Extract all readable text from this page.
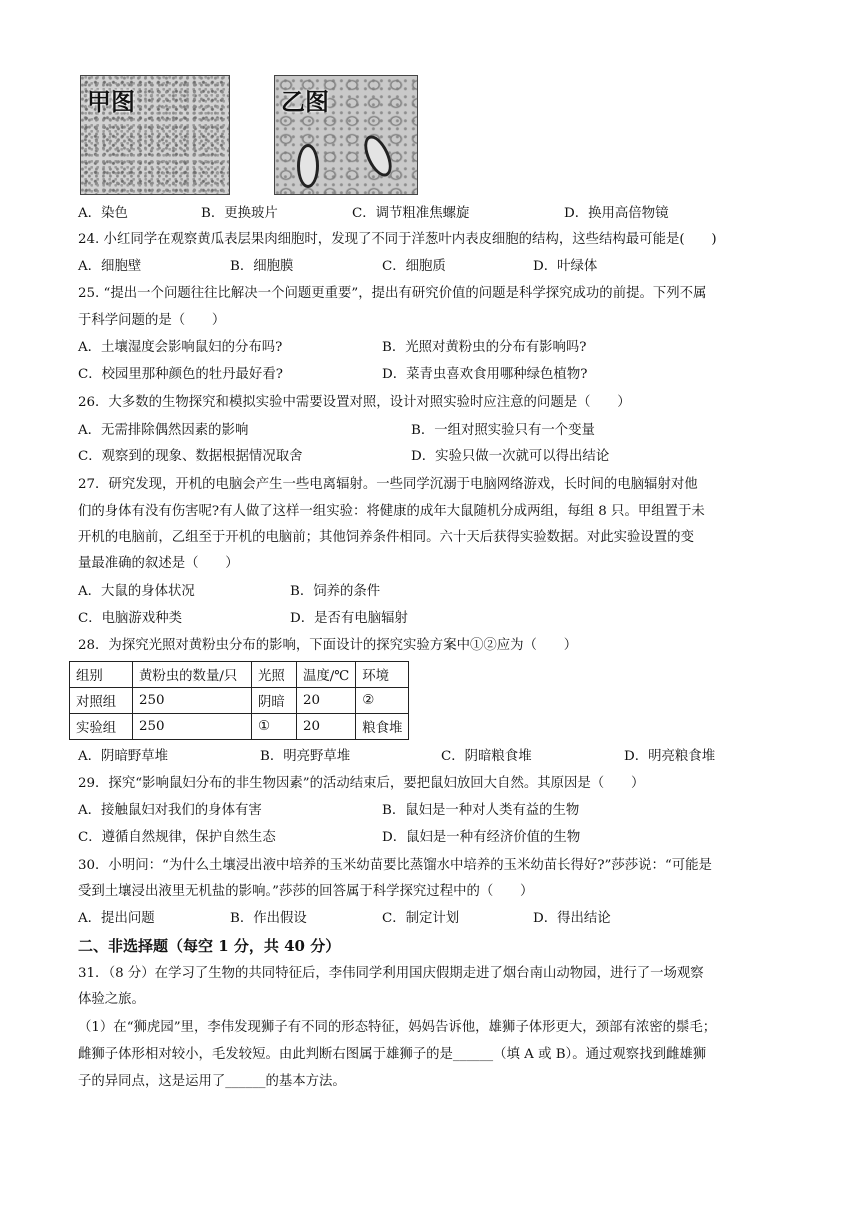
甲图	乙图
A．染色	B．更换玻片	C．调节粗准焦螺旋	D．换用高倍物镜
24. 小红同学在观察黄瓜表层果肉细胞时，发现了不同于洋葱叶内表皮细胞的结构，这些结构最可能是(　　)
A．细胞壁	B．细胞膜	C．细胞质	D．叶绿体
25. “提出一个问题往往比解决一个问题更重要”，提出有研究价值的问题是科学探究成功的前提。下列不属
于科学问题的是（　　）
A．土壤湿度会影响鼠妇的分布吗?	B．光照对黄粉虫的分布有影响吗?
C．校园里那种颜色的牡丹最好看?	D．菜青虫喜欢食用哪种绿色植物?
26．大多数的生物探究和模拟实验中需要设置对照，设计对照实验时应注意的问题是（　　）
A．无需排除偶然因素的影响	B．一组对照实验只有一个变量
C．观察到的现象、数据根据情况取舍	D．实验只做一次就可以得出结论
27．研究发现，开机的电脑会产生一些电离辐射。一些同学沉溺于电脑网络游戏，长时间的电脑辐射对他
们的身体有没有伤害呢?有人做了这样一组实验：将健康的成年大鼠随机分成两组，每组 8 只。甲组置于未
开机的电脑前，乙组至于开机的电脑前；其他饲养条件相同。六十天后获得实验数据。对此实验设置的变
量最准确的叙述是（　　）
A．大鼠的身体状况	B．饲养的条件
C．电脑游戏种类	D．是否有电脑辐射
28．为探究光照对黄粉虫分布的影响，下面设计的探究实验方案中①②应为（　　）
组别	黄粉虫的数量/只	光照	温度/℃	环境
对照组	250	阴暗	20	②
实验组	250	①	20	粮食堆
A．阴暗野草堆	B．明亮野草堆	C．阴暗粮食堆	D．明亮粮食堆
29．探究“影响鼠妇分布的非生物因素”的活动结束后，要把鼠妇放回大自然。其原因是（　　）
A．接触鼠妇对我们的身体有害	B．鼠妇是一种对人类有益的生物
C．遵循自然规律，保护自然生态	D．鼠妇是一种有经济价值的生物
30．小明问：“为什么土壤浸出液中培养的玉米幼苗要比蒸馏水中培养的玉米幼苗长得好?”莎莎说：“可能是
受到土壤浸出液里无机盐的影响。”莎莎的回答属于科学探究过程中的（　　）
A．提出问题	B．作出假设	C．制定计划	D．得出结论
二、非选择题（每空 1 分，共 40 分）
31．（8 分）在学习了生物的共同特征后，李伟同学利用国庆假期走进了烟台南山动物园，进行了一场观察
体验之旅。
（1）在“狮虎园”里，李伟发现狮子有不同的形态特征，妈妈告诉他，雄狮子体形更大，颈部有浓密的鬃毛；
雌狮子体形相对较小，毛发较短。由此判断右图属于雄狮子的是______（填 A 或 B）。通过观察找到雌雄狮
子的异同点，这是运用了______的基本方法。
